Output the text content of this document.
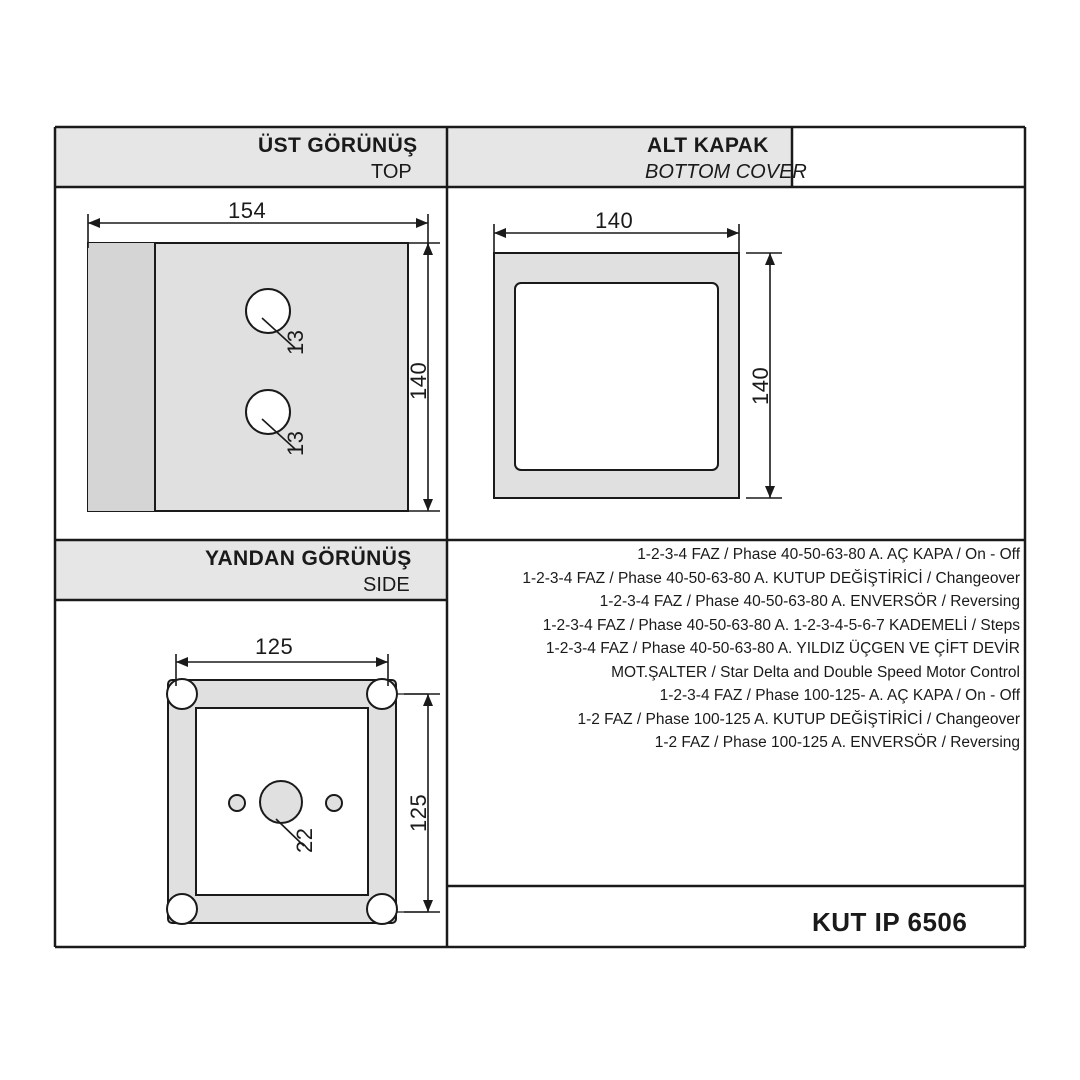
ÜST GÖRÜNÜŞ
TOP
ALT KAPAK
BOTTOM COVER
YANDAN GÖRÜNÜŞ
SIDE
154
140
13
13
140
140
125
125
22
1-2-3-4 FAZ / Phase 40-50-63-80 A. AÇ KAPA / On - Off
1-2-3-4 FAZ / Phase 40-50-63-80 A. KUTUP DEĞİŞTİRİCİ / Changeover
1-2-3-4 FAZ / Phase 40-50-63-80 A. ENVERSÖR / Reversing
1-2-3-4 FAZ / Phase 40-50-63-80 A. 1-2-3-4-5-6-7 KADEMELİ / Steps
1-2-3-4 FAZ / Phase 40-50-63-80 A. YILDIZ ÜÇGEN VE ÇİFT DEVİR
MOT.ŞALTER / Star Delta and Double Speed Motor Control
1-2-3-4 FAZ / Phase 100-125- A. AÇ KAPA / On - Off
1-2 FAZ / Phase 100-125 A. KUTUP DEĞİŞTİRİCİ / Changeover
1-2 FAZ / Phase 100-125 A. ENVERSÖR / Reversing
KUT IP 6506
